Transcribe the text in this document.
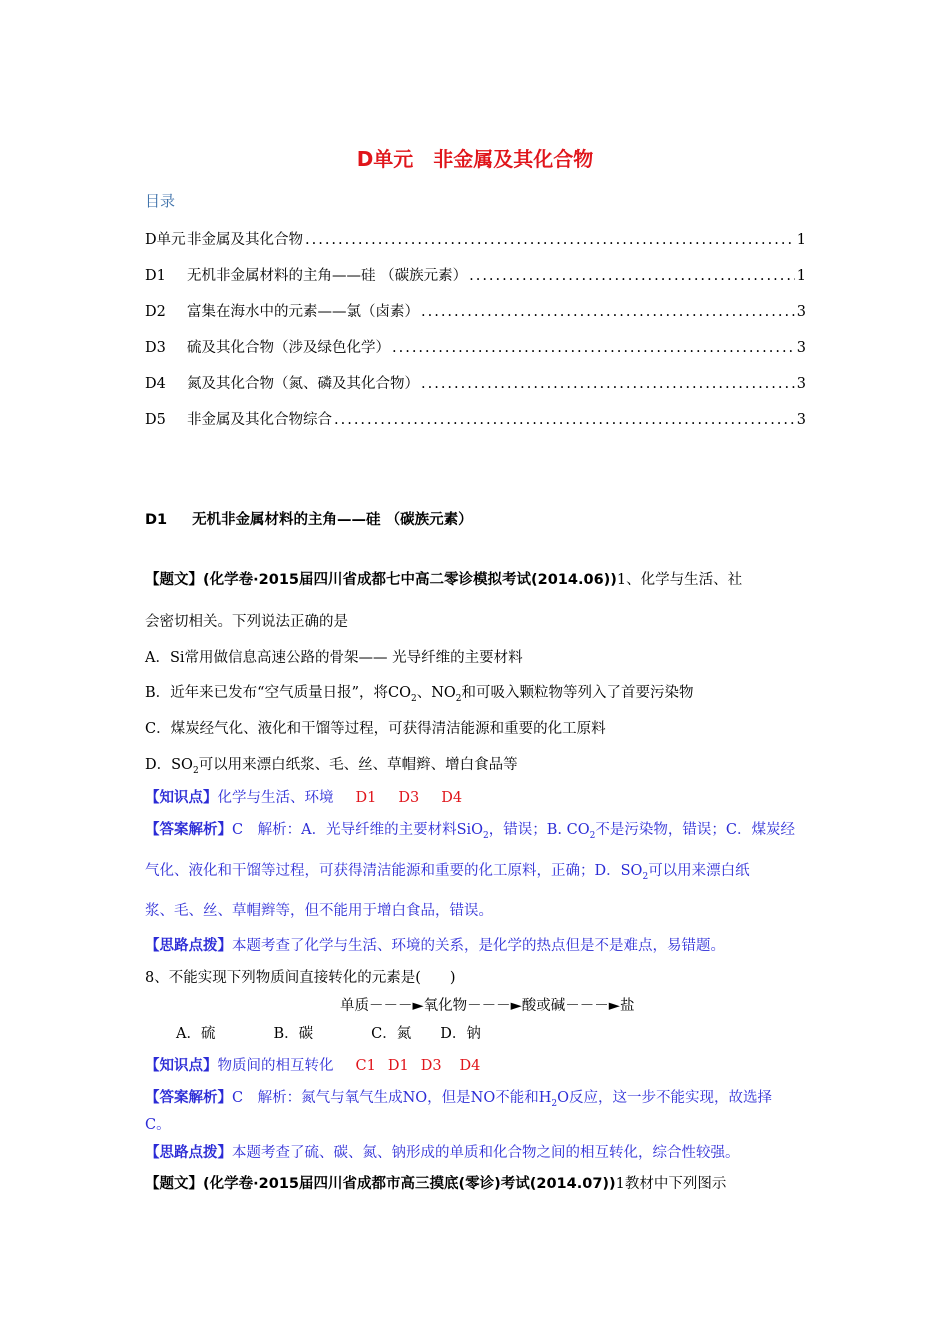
D单元　非金属及其化合物
目录
D单元 非金属及其化合物 .....	1
D1	无机非金属材料的主角——硅 （碳族元素） .....	1
D2	富集在海水中的元素——氯（卤素） .....	3
D3	硫及其化合物（涉及绿色化学） .....	3
D4	氮及其化合物（氮、磷及其化合物） .....	3
D5	非金属及其化合物综合 .....	3
D1 无机非金属材料的主角——硅 （碳族元素）
【题文】(化学卷·2015届四川省成都七中高二零诊模拟考试(2014.06))1、化学与生活、社
会密切相关。下列说法正确的是
A．Si常用做信息高速公路的骨架—— 光导纤维的主要材料
B．近年来已发布“空气质量日报”，将$CO_2$、$NO_2$和可吸入颗粒物等列入了首要污染物
C．煤炭经气化、液化和干馏等过程，可获得清洁能源和重要的化工原料
D．$SO_2$可以用来漂白纸浆、毛、丝、草帽辫、增白食品等
【知识点】化学与生活、环境 D1 D3 D4
【答案解析】C　解析：A．光导纤维的主要材料SiO$_2$，错误；B. $CO_2$不是污染物，错误；C．煤炭经
气化、液化和干馏等过程，可获得清洁能源和重要的化工原料，正确；D．$SO_2$可以用来漂白纸
浆、毛、丝、草帽辫等，但不能用于增白食品，错误。
【思路点拨】本题考查了化学与生活、环境的关系，是化学的热点但是不是难点，易错题。
8、不能实现下列物质间直接转化的元素是(　　)
单质－－－►氧化物－－－►酸或碱－－－►盐
A．硫　　　　B．碳　　　　C．氮　　D．钠
【知识点】物质间的相互转化 C1 D1 D3 D4
【答案解析】C　解析：氮气与氧气生成NO，但是NO不能和$H_2O$反应，这一步不能实现，故选择
C。
【思路点拨】本题考查了硫、碳、氮、钠形成的单质和化合物之间的相互转化，综合性较强。
【题文】(化学卷·2015届四川省成都市高三摸底(零诊)考试(2014.07))1教材中下列图示
